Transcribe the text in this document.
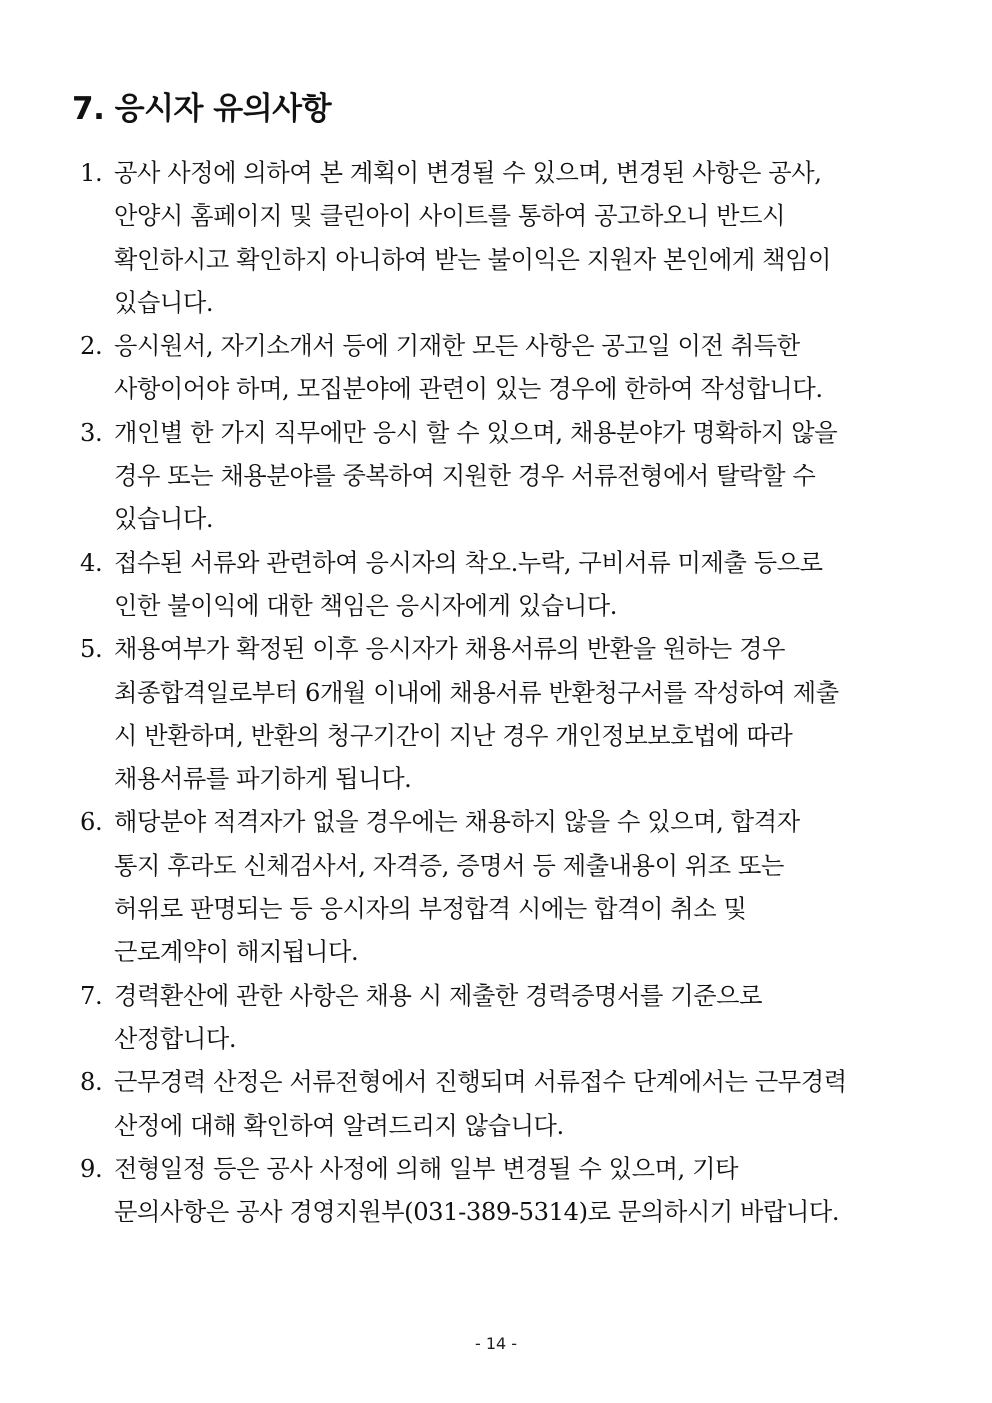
7. 응시자 유의사항
1. 공사 사정에 의하여 본 계획이 변경될 수 있으며, 변경된 사항은 공사,
안양시 홈페이지 및 클린아이 사이트를 통하여 공고하오니 반드시
확인하시고 확인하지 아니하여 받는 불이익은 지원자 본인에게 책임이
있습니다.
2. 응시원서, 자기소개서 등에 기재한 모든 사항은 공고일 이전 취득한
사항이어야 하며, 모집분야에 관련이 있는 경우에 한하여 작성합니다.
3. 개인별 한 가지 직무에만 응시 할 수 있으며, 채용분야가 명확하지 않을
경우 또는 채용분야를 중복하여 지원한 경우 서류전형에서 탈락할 수
있습니다.
4. 접수된 서류와 관련하여 응시자의 착오.누락, 구비서류 미제출 등으로
인한 불이익에 대한 책임은 응시자에게 있습니다.
5. 채용여부가 확정된 이후 응시자가 채용서류의 반환을 원하는 경우
최종합격일로부터 6개월 이내에 채용서류 반환청구서를 작성하여 제출
시 반환하며, 반환의 청구기간이 지난 경우 개인정보보호법에 따라
채용서류를 파기하게 됩니다.
6. 해당분야 적격자가 없을 경우에는 채용하지 않을 수 있으며, 합격자
통지 후라도 신체검사서, 자격증, 증명서 등 제출내용이 위조 또는
허위로 판명되는 등 응시자의 부정합격 시에는 합격이 취소 및
근로계약이 해지됩니다.
7. 경력환산에 관한 사항은 채용 시 제출한 경력증명서를 기준으로
산정합니다.
8. 근무경력 산정은 서류전형에서 진행되며 서류접수 단계에서는 근무경력
산정에 대해 확인하여 알려드리지 않습니다.
9. 전형일정 등은 공사 사정에 의해 일부 변경될 수 있으며, 기타
문의사항은 공사 경영지원부(031-389-5314)로 문의하시기 바랍니다.
- 14 -
